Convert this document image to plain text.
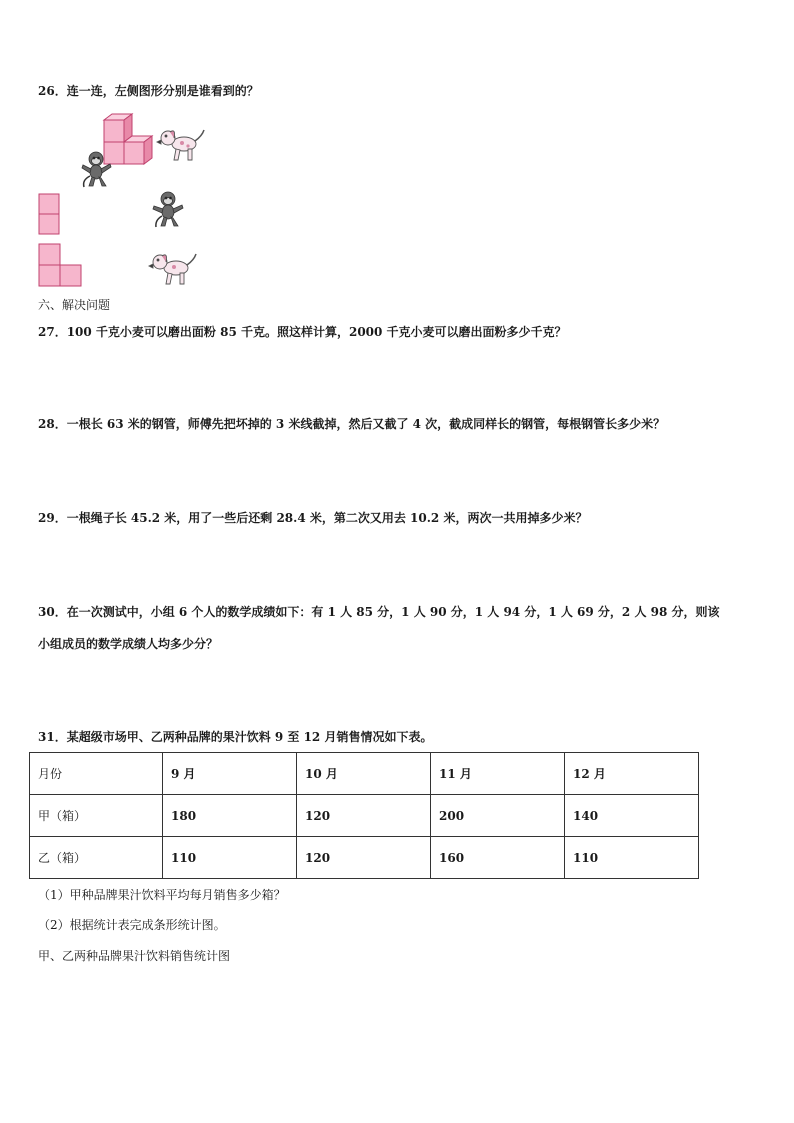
26．连一连，左侧图形分别是谁看到的？
六、解决问题
27．100 千克小麦可以磨出面粉 85 千克。照这样计算，2000 千克小麦可以磨出面粉多少千克？
28．一根长 63 米的钢管，师傅先把坏掉的 3 米线截掉，然后又截了 4 次，截成同样长的钢管，每根钢管长多少米？
29．一根绳子长 45.2 米，用了一些后还剩 28.4 米，第二次又用去 10.2 米，两次一共用掉多少米？
30．在一次测试中，小组 6 个人的数学成绩如下：有 1 人 85 分，1 人 90 分，1 人 94 分，1 人 69 分，2 人 98 分，则该
小组成员的数学成绩人均多少分？
31．某超级市场甲、乙两种品牌的果汁饮料 9 至 12 月销售情况如下表。
月份	9 月	10 月	11 月	12 月
甲（箱）	180	120	200	140
乙（箱）	110	120	160	110
（1）甲种品牌果汁饮料平均每月销售多少箱？
（2）根据统计表完成条形统计图。
甲、乙两种品牌果汁饮料销售统计图
